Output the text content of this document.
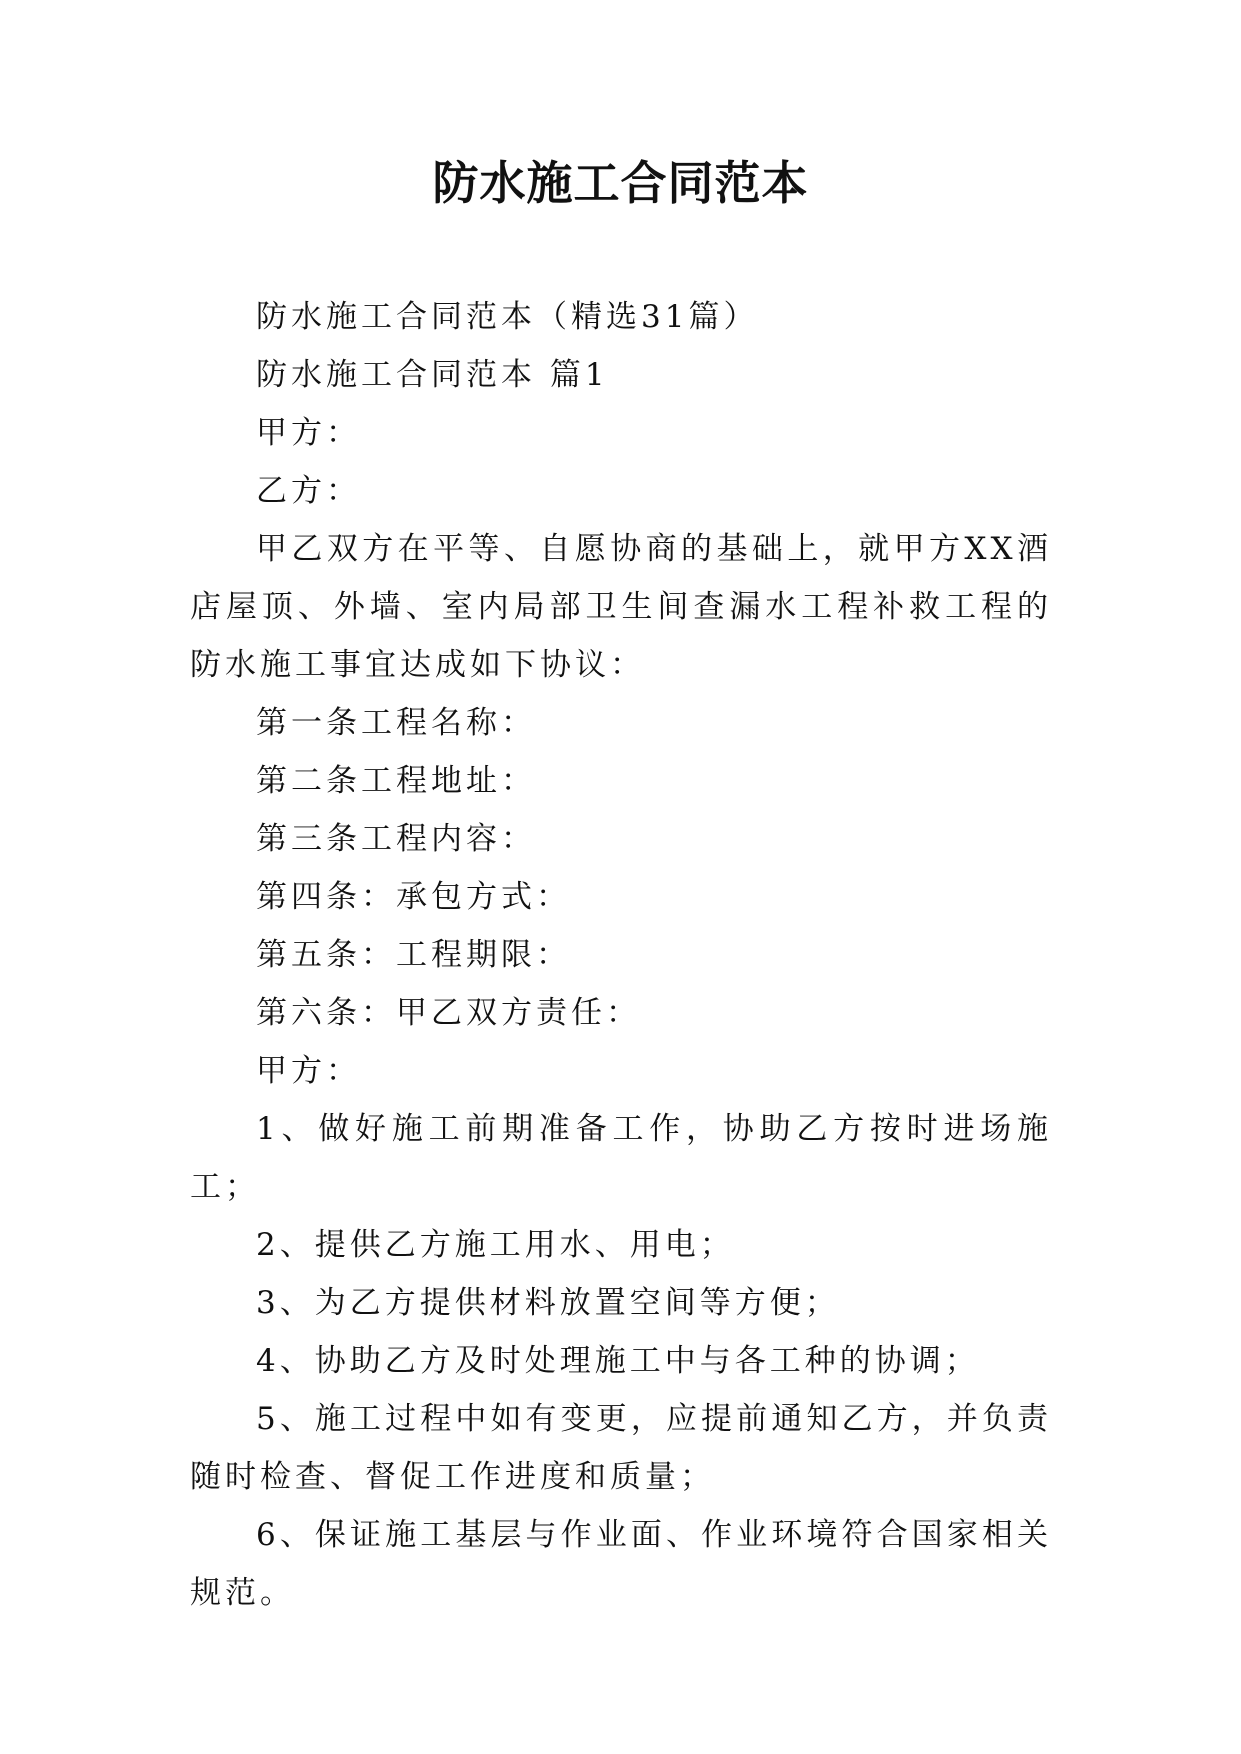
防水施工合同范本

防水施工合同范本（精选31篇）

防水施工合同范本 篇1

甲方：

乙方：

甲乙双方在平等、自愿协商的基础上，就甲方XX酒店屋顶、外墙、室内局部卫生间查漏水工程补救工程的防水施工事宜达成如下协议：

第一条工程名称：

第二条工程地址：

第三条工程内容：

第四条：承包方式：

第五条：工程期限：

第六条：甲乙双方责任：

甲方：

1、做好施工前期准备工作，协助乙方按时进场施工；

2、提供乙方施工用水、用电；

3、为乙方提供材料放置空间等方便；

4、协助乙方及时处理施工中与各工种的协调；

5、施工过程中如有变更，应提前通知乙方，并负责随时检查、督促工作进度和质量；

6、保证施工基层与作业面、作业环境符合国家相关规范。
